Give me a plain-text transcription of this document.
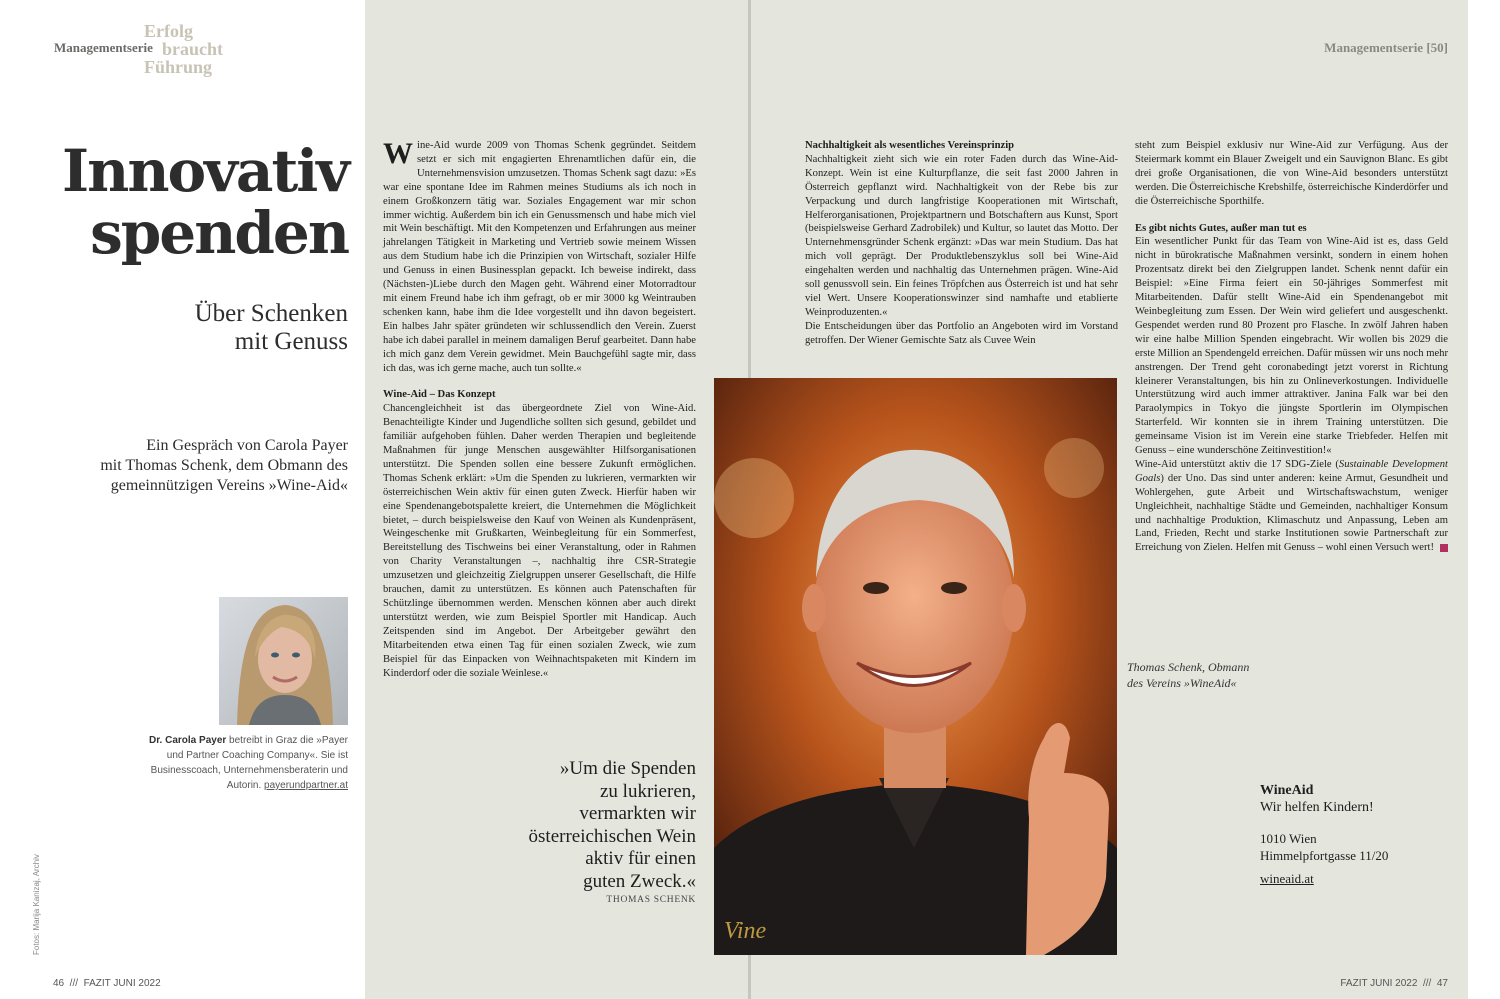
Erfolg
braucht
Führung
Managementserie	Managementserie [50]
Innovativ
spenden
Über Schenken
mit Genuss
Ein Gespräch von Carola Payer
mit Thomas Schenk, dem Obmann des
gemeinnützigen Vereins »Wine-Aid«
Dr. Carola Payer betreibt in Graz die »Payer und Partner Coaching Company«. Sie ist Businesscoach, Unternehmensberaterin und Autorin. payerundpartner.at
Fotos: Marija Kanizaj, Archiv

Wine-Aid wurde 2009 von Thomas Schenk gegründet. Seitdem setzt er sich mit engagierten Ehrenamtlichen dafür ein, die Unternehmensvision umzusetzen. Thomas Schenk sagt dazu: »Es war eine spontane Idee im Rahmen meines Studiums als ich noch in einem Großkonzern tätig war. Soziales Engagement war mir schon immer wichtig. Außerdem bin ich ein Genussmensch und habe mich viel mit Wein beschäftigt. Mit den Kompetenzen und Erfahrungen aus meiner jahrelangen Tätigkeit in Marketing und Vertrieb sowie meinem Wissen aus dem Studium habe ich die Prinzipien von Wirtschaft, sozialer Hilfe und Genuss in einen Businessplan gepackt. Ich beweise indirekt, dass (Nächsten-)Liebe durch den Magen geht. Während einer Motorradtour mit einem Freund habe ich ihm gefragt, ob er mir 3000 kg Weintrauben schenken kann, habe ihm die Idee vorgestellt und ihn davon begeistert. Ein halbes Jahr später gründeten wir schlussendlich den Verein. Zuerst habe ich dabei parallel in meinem damaligen Beruf gearbeitet. Dann habe ich mich ganz dem Verein gewidmet. Mein Bauchgefühl sagte mir, dass ich das, was ich gerne mache, auch tun sollte.«

Wine-Aid – Das Konzept

Chancengleichheit ist das übergeordnete Ziel von Wine-Aid. Benachteiligte Kinder und Jugendliche sollten sich gesund, gebildet und familiär aufgehoben fühlen. Daher werden Therapien und begleitende Maßnahmen für junge Menschen ausgewählter Hilfsorganisationen unterstützt. Die Spenden sollen eine bessere Zukunft ermöglichen. Thomas Schenk erklärt: »Um die Spenden zu lukrieren, vermarkten wir österreichischen Wein aktiv für einen guten Zweck. Hierfür haben wir eine Spendenangebotspalette kreiert, die Unternehmen die Möglichkeit bietet, – durch beispielsweise den Kauf von Weinen als Kundenpräsent, Weingeschenke mit Grußkarten, Weinbegleitung für ein Sommerfest, Bereitstellung des Tischweins bei einer Veranstaltung, oder in Rahmen von Charity Veranstaltungen –, nachhaltig ihre CSR-Strategie umzusetzen und gleichzeitig Zielgruppen unserer Gesellschaft, die Hilfe brauchen, damit zu unterstützen. Es können auch Patenschaften für Schützlinge übernommen werden. Menschen können aber auch direkt unterstützt werden, wie zum Beispiel Sportler mit Handicap. Auch Zeitspenden sind im Angebot. Der Arbeitgeber gewährt den Mitarbeitenden etwa einen Tag für einen sozialen Zweck, wie zum Beispiel für das Einpacken von Weihnachtspaketen mit Kindern im Kinderdorf oder die soziale Weinlese.«

»Um die Spenden
zu lukrieren,
vermarkten wir
österreichischen Wein
aktiv für einen
guten Zweck.«
THOMAS SCHENK
Nachhaltigkeit als wesentliches Vereinsprinzip

Nachhaltigkeit zieht sich wie ein roter Faden durch das Wine-Aid-Konzept. Wein ist eine Kulturpflanze, die seit fast 2000 Jahren in Österreich gepflanzt wird. Nachhaltigkeit von der Rebe bis zur Verpackung und durch langfristige Kooperationen mit Wirtschaft, Helferorganisationen, Projektpartnern und Botschaftern aus Kunst, Sport (beispielsweise Gerhard Zadrobilek) und Kultur, so lautet das Motto. Der Unternehmensgründer Schenk ergänzt: »Das war mein Studium. Das hat mich voll geprägt. Der Produktlebenszyklus soll bei Wine-Aid eingehalten werden und nachhaltig das Unternehmen prägen. Wine-Aid soll genussvoll sein. Ein feines Tröpfchen aus Österreich ist und hat sehr viel Wert. Unsere Kooperationswinzer sind namhafte und etablierte Weinproduzenten.«

Die Entscheidungen über das Portfolio an Angeboten wird im Vorstand getroffen. Der Wiener Gemischte Satz als Cuvee Wein

Vine

steht zum Beispiel exklusiv nur Wine-Aid zur Verfügung. Aus der Steiermark kommt ein Blauer Zweigelt und ein Sauvignon Blanc. Es gibt drei große Organisationen, die von Wine-Aid besonders unterstützt werden. Die Österreichische Krebshilfe, österreichische Kinderdörfer und die Österreichische Sporthilfe.

Es gibt nichts Gutes, außer man tut es

Ein wesentlicher Punkt für das Team von Wine-Aid ist es, dass Geld nicht in bürokratische Maßnahmen versinkt, sondern in einem hohen Prozentsatz direkt bei den Zielgruppen landet. Schenk nennt dafür ein Beispiel: »Eine Firma feiert ein 50-jähriges Sommerfest mit Mitarbeitenden. Dafür stellt Wine-Aid ein Spendenangebot mit Weinbegleitung zum Essen. Der Wein wird geliefert und ausgeschenkt. Gespendet werden rund 80 Prozent pro Flasche. In zwölf Jahren haben wir eine halbe Million Spenden eingebracht. Wir wollen bis 2029 die erste Million an Spendengeld erreichen. Dafür müssen wir uns noch mehr anstrengen. Der Trend geht coronabedingt jetzt vorerst in Richtung kleinerer Veranstaltungen, bis hin zu Onlineverkostungen. Individuelle Unterstützung wird auch immer attraktiver. Janina Falk war bei den Paraolympics in Tokyo die jüngste Sportlerin im Olympischen Starterfeld. Wir konnten sie in ihrem Training unterstützen. Die gemeinsame Vision ist im Verein eine starke Triebfeder. Helfen mit Genuss – eine wunderschöne Zeitinvestition!«

Wine-Aid unterstützt aktiv die 17 SDG-Ziele (Sustainable Development Goals) der Uno. Das sind unter anderen: keine Armut, Gesundheit und Wohlergehen, gute Arbeit und Wirtschaftswachstum, weniger Ungleichheit, nachhaltige Städte und Gemeinden, nachhaltiger Konsum und nachhaltige Produktion, Klimaschutz und Anpassung, Leben am Land, Frieden, Recht und starke Institutionen sowie Partnerschaft zur Erreichung von Zielen. Helfen mit Genuss – wohl einen Versuch wert!

Thomas Schenk, Obmann
des Vereins »WineAid«
WineAid
Wir helfen Kindern!
1010 Wien
Himmelpfortgasse 11/20
wineaid.at
46  ///  FAZIT JUNI 2022	FAZIT JUNI 2022  ///  47
